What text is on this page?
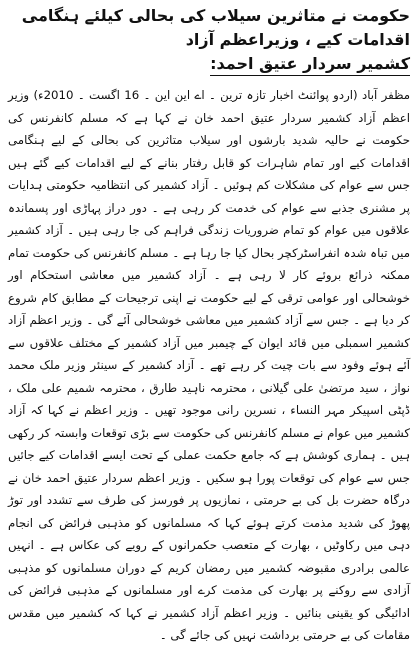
حکومت نے متاثرین سیلاب کی بحالی کیلئے ہنگامی اقدامات کیے ، وزیراعظم آزاد
کشمیر سردار عتیق احمد:

مظفر آباد (اردو پوائنٹ اخبار تازہ ترین ۔ اے این این ۔ 16 اگست ۔ 2010ء) وزیر اعظم آزاد کشمیر سردار عتیق احمد خان نے کہا ہے کہ مسلم کانفرنس کی حکومت نے حالیہ شدید بارشوں اور سیلاب متاثرین کی بحالی کے لیے ہنگامی اقدامات کیے اور تمام شاہرات کو قابل رفتار بنانے کے لیے اقدامات کیے گئے ہیں جس سے عوام کی مشکلات کم ہوئیں ۔ آزاد کشمیر کی انتظامیہ حکومتی ہدایات پر مشنری جذبے سے عوام کی خدمت کر رہی ہے ۔ دور دراز پہاڑی اور پسماندہ علاقوں میں عوام کو تمام ضروریات زندگی فراہم کی جا رہی ہیں ۔ آزاد کشمیر میں تباہ شدہ انفراسٹرکچر بحال کیا جا رہا ہے ۔ مسلم کانفرنس کی حکومت تمام ممکنہ ذرائع بروئے کار لا رہی ہے ۔ آزاد کشمیر میں معاشی استحکام اور خوشحالی اور عوامی ترقی کے لیے حکومت نے اپنی ترجیحات کے مطابق کام شروع کر دیا ہے ۔ جس سے آزاد کشمیر میں معاشی خوشحالی آئے گی ۔ وزیر اعظم آزاد کشمیر اسمبلی میں قائد ایوان کے چیمبر میں آزاد کشمیر کے مختلف علاقوں سے آئے ہوئے وفود سے بات چیت کر رہے تھے ۔ آزاد کشمیر کے سینئر وزیر ملک محمد نواز ، سید مرتضیٰ علی گیلانی ، محترمہ ناہید طارق ، محترمہ شمیم علی ملک ، ڈپٹی اسپیکر مہر النساء ، نسرین رانی موجود تھیں ۔ وزیر اعظم نے کہا کہ آزاد کشمیر میں عوام نے مسلم کانفرنس کی حکومت سے بڑی توقعات وابستہ کر رکھی ہیں ۔ ہماری کوشش ہے کہ جامع حکمت عملی کے تحت ایسے اقدامات کیے جائیں جس سے عوام کی توقعات پورا ہو سکیں ۔ وزیر اعظم سردار عتیق احمد خان نے درگاہ حضرت بل کی بے حرمتی ، نمازیوں پر فورسز کی طرف سے تشدد اور توڑ پھوڑ کی شدید مذمت کرتے ہوئے کہا کہ مسلمانوں کو مذہبی فرائض کی انجام دہی میں رکاوٹیں ، بھارت کے متعصب حکمرانوں کے رویے کی عکاس ہے ۔ انہیں عالمی برادری مقبوضہ کشمیر میں رمضان کریم کے دوران مسلمانوں کو مذہبی آزادی سے روکنے پر بھارت کی مذمت کرے اور مسلمانوں کے مذہبی فرائض کی ادائیگی کو یقینی بنائیں ۔ وزیر اعظم آزاد کشمیر نے کہا کہ کشمیر میں مقدس مقامات کی بے حرمتی برداشت نہیں کی جائے گی ۔
